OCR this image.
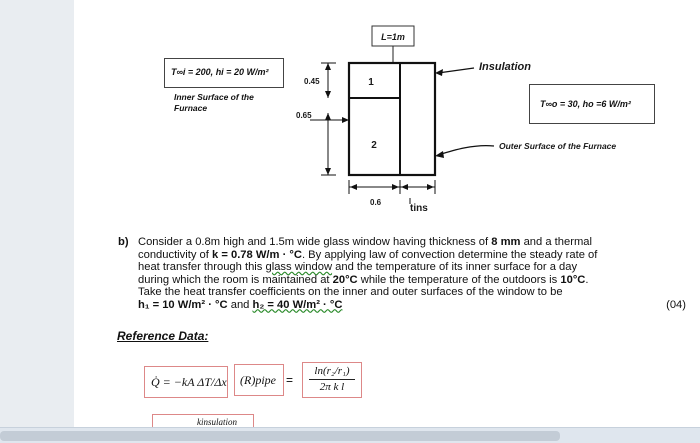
L=1m
1
2
0.45
0.65
0.6
tins
Insulation
Outer Surface of the Furnace
T∞i = 200, hi = 20 W/m²
Inner Surface of the Furnace	T∞o = 30, ho =6 W/m²
b) Consider a 0.8m high and 1.5m wide glass window having thickness of 8 mm and a thermal
conductivity of k = 0.78 W/m · °C. By applying law of convection determine the steady rate of
heat transfer through this glass window and the temperature of its inner surface for a day
during which the room is maintained at 20°C while the temperature of the outdoors is 10°C.
Take the heat transfer coefficients on the inner and outer surfaces of the window to be
h₁ = 10 W/m² · °C and h₂ = 40 W/m² · °C	(04)
Reference Data:
Q̇ = −kA ΔT/Δx (R)pipe =
ln(r₂/r₁)
2π k l
kinsulation
